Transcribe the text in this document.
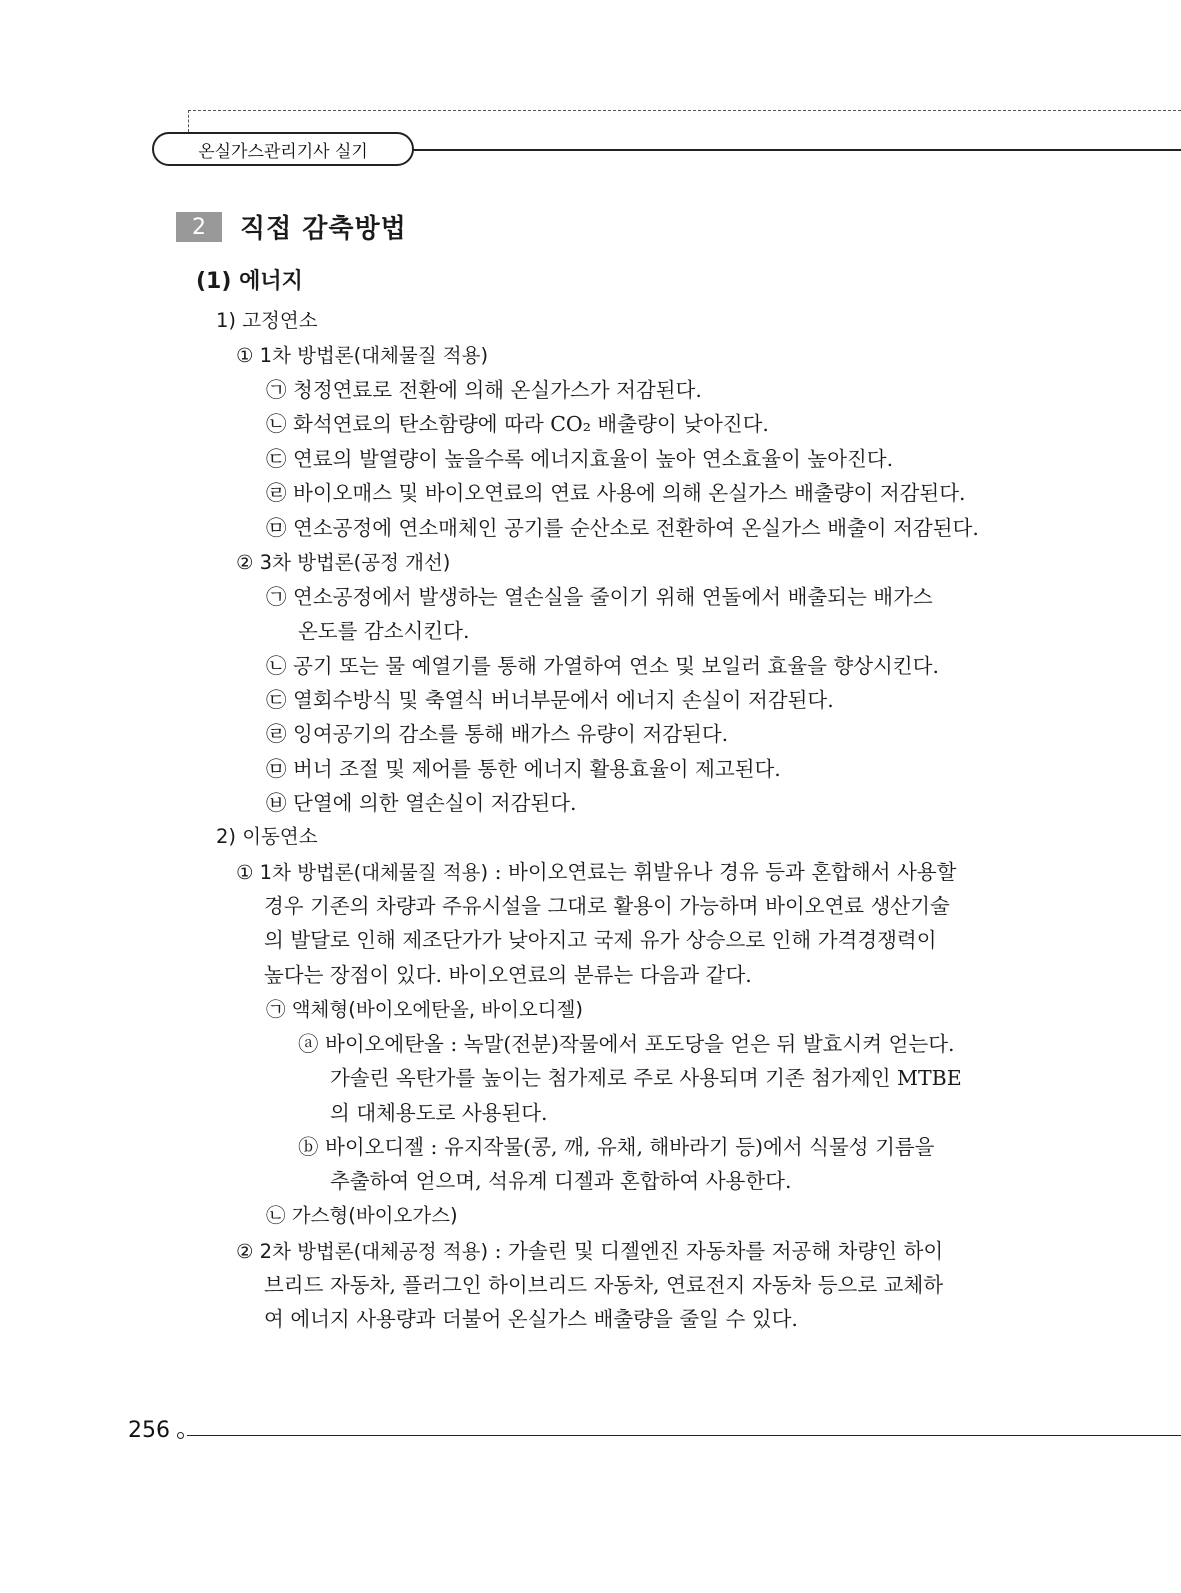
온실가스관리기사 실기
2	직접 감축방법
(1) 에너지
1) 고정연소
① 1차 방법론(대체물질 적용)
㉠ 청정연료로 전환에 의해 온실가스가 저감된다.
㉡ 화석연료의 탄소함량에 따라 CO₂ 배출량이 낮아진다.
㉢ 연료의 발열량이 높을수록 에너지효율이 높아 연소효율이 높아진다.
㉣ 바이오매스 및 바이오연료의 연료 사용에 의해 온실가스 배출량이 저감된다.
㉤ 연소공정에 연소매체인 공기를 순산소로 전환하여 온실가스 배출이 저감된다.
② 3차 방법론(공정 개선)
㉠ 연소공정에서 발생하는 열손실을 줄이기 위해 연돌에서 배출되는 배가스
온도를 감소시킨다.
㉡ 공기 또는 물 예열기를 통해 가열하여 연소 및 보일러 효율을 향상시킨다.
㉢ 열회수방식 및 축열식 버너부문에서 에너지 손실이 저감된다.
㉣ 잉여공기의 감소를 통해 배가스 유량이 저감된다.
㉤ 버너 조절 및 제어를 통한 에너지 활용효율이 제고된다.
㉥ 단열에 의한 열손실이 저감된다.
2) 이동연소
① 1차 방법론(대체물질 적용) : 바이오연료는 휘발유나 경유 등과 혼합해서 사용할
경우 기존의 차량과 주유시설을 그대로 활용이 가능하며 바이오연료 생산기술
의 발달로 인해 제조단가가 낮아지고 국제 유가 상승으로 인해 가격경쟁력이
높다는 장점이 있다. 바이오연료의 분류는 다음과 같다.
㉠ 액체형(바이오에탄올, 바이오디젤)
ⓐ 바이오에탄올 : 녹말(전분)작물에서 포도당을 얻은 뒤 발효시켜 얻는다.
가솔린 옥탄가를 높이는 첨가제로 주로 사용되며 기존 첨가제인 MTBE
의 대체용도로 사용된다.
ⓑ 바이오디젤 : 유지작물(콩, 깨, 유채, 해바라기 등)에서 식물성 기름을
추출하여 얻으며, 석유계 디젤과 혼합하여 사용한다.
㉡ 가스형(바이오가스)
② 2차 방법론(대체공정 적용) : 가솔린 및 디젤엔진 자동차를 저공해 차량인 하이
브리드 자동차, 플러그인 하이브리드 자동차, 연료전지 자동차 등으로 교체하
여 에너지 사용량과 더불어 온실가스 배출량을 줄일 수 있다.
256
